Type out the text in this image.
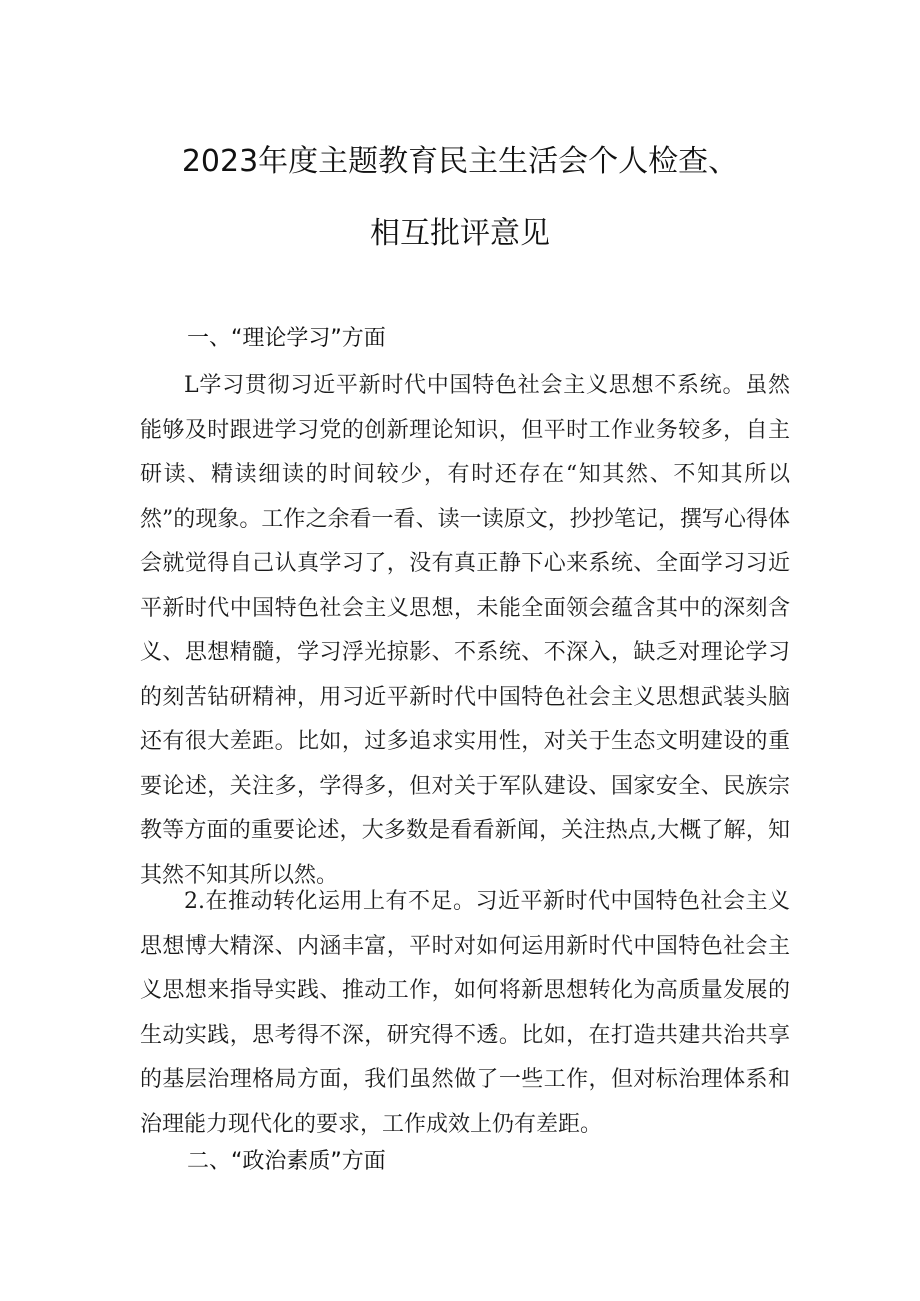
2023年度主题教育民主生活会个人检查、
相互批评意见
一、“理论学习”方面

L学习贯彻习近平新时代中国特色社会主义思想不系统。虽然能够及时跟进学习党的创新理论知识，但平时工作业务较多，自主研读、精读细读的时间较少，有时还存在“知其然、不知其所以然”的现象。工作之余看一看、读一读原文，抄抄笔记，撰写心得体会就觉得自己认真学习了，没有真正静下心来系统、全面学习习近平新时代中国特色社会主义思想，未能全面领会蕴含其中的深刻含义、思想精髓，学习浮光掠影、不系统、不深入，缺乏对理论学习的刻苦钻研精神，用习近平新时代中国特色社会主义思想武装头脑还有很大差距。比如，过多追求实用性，对关于生态文明建设的重要论述，关注多，学得多，但对关于军队建设、国家安全、民族宗教等方面的重要论述，大多数是看看新闻，关注热点,大概了解，知其然不知其所以然。

2.在推动转化运用上有不足。习近平新时代中国特色社会主义思想博大精深、内涵丰富，平时对如何运用新时代中国特色社会主义思想来指导实践、推动工作，如何将新思想转化为高质量发展的生动实践，思考得不深，研究得不透。比如，在打造共建共治共享的基层治理格局方面，我们虽然做了一些工作，但对标治理体系和治理能力现代化的要求，工作成效上仍有差距。

二、“政治素质”方面
